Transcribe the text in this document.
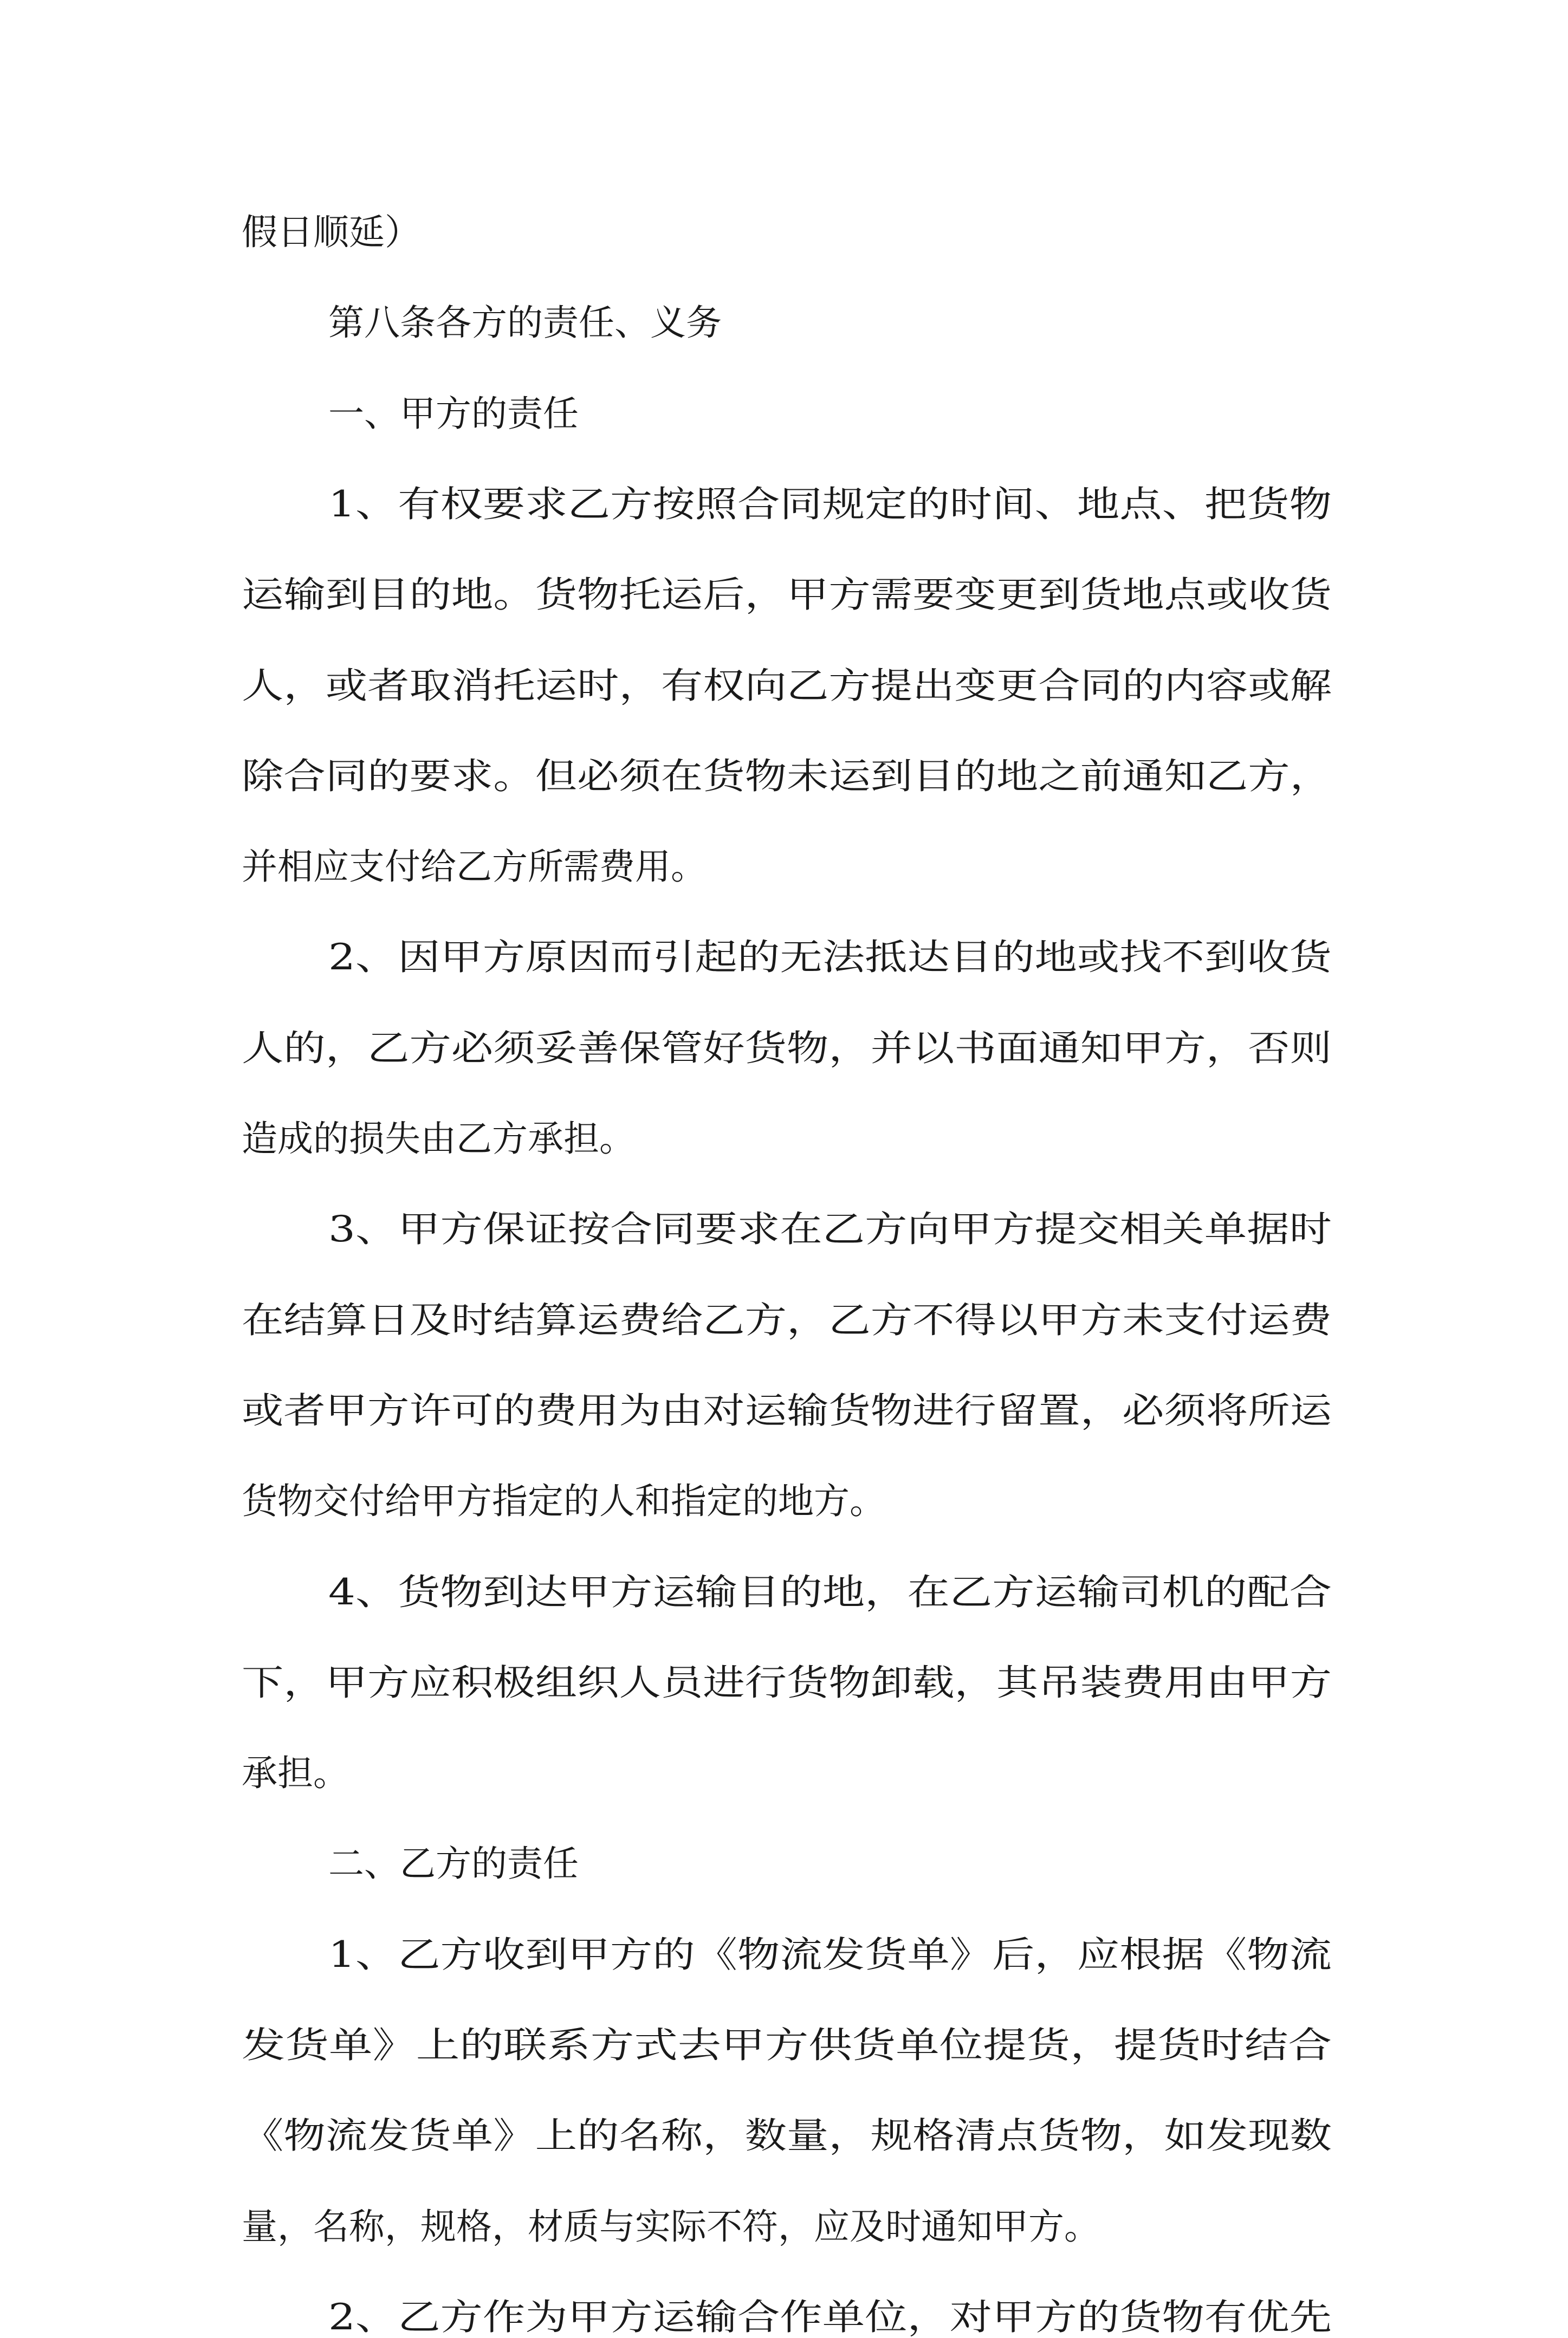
假日顺延）
第八条各方的责任、义务
一、甲方的责任
1、有权要求乙方按照合同规定的时间、地点、把货物
运输到目的地。货物托运后，甲方需要变更到货地点或收货
人，或者取消托运时，有权向乙方提出变更合同的内容或解
除合同的要求。但必须在货物未运到目的地之前通知乙方，
并相应支付给乙方所需费用。
2、因甲方原因而引起的无法抵达目的地或找不到收货
人的，乙方必须妥善保管好货物，并以书面通知甲方，否则
造成的损失由乙方承担。
3、甲方保证按合同要求在乙方向甲方提交相关单据时
在结算日及时结算运费给乙方，乙方不得以甲方未支付运费
或者甲方许可的费用为由对运输货物进行留置，必须将所运
货物交付给甲方指定的人和指定的地方。
4、货物到达甲方运输目的地，在乙方运输司机的配合
下，甲方应积极组织人员进行货物卸载，其吊装费用由甲方
承担。
二、乙方的责任
1、乙方收到甲方的《物流发货单》后，应根据《物流
发货单》上的联系方式去甲方供货单位提货，提货时结合
《物流发货单》上的名称，数量，规格清点货物，如发现数
量，名称，规格，材质与实际不符，应及时通知甲方。
2、乙方作为甲方运输合作单位，对甲方的货物有优先
